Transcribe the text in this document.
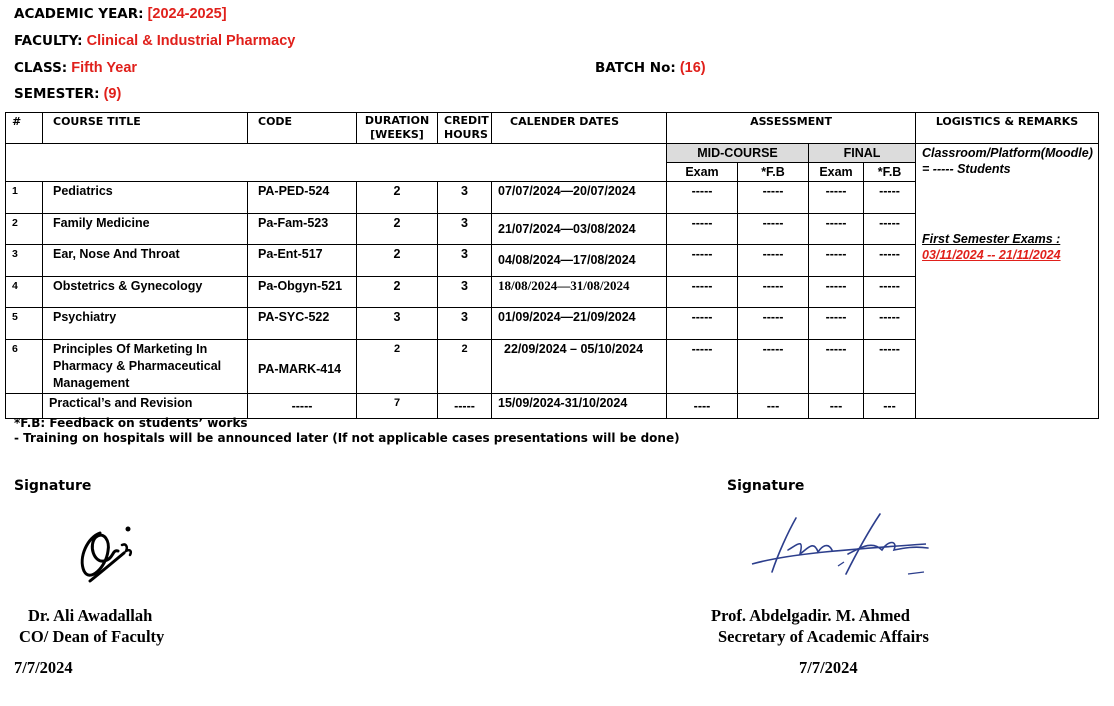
ACADEMIC YEAR: [2024-2025]
FACULTY: Clinical & Industrial Pharmacy
CLASS: Fifth Year	BATCH No: (16)
SEMESTER: (9)
#	COURSE TITLE	CODE	DURATION [WEEKS]	CREDIT HOURS	CALENDER DATES	ASSESSMENT				LOGISTICS & REMARKS
						MID-COURSE		FINAL		Classroom/Platform(Moodle) = ----- Students
First Semester Exams :
03/11/2024 -- 21/11/2024

						Exam	*F.B	Exam	*F.B	
1	Pediatrics	PA-PED-524	2	3	07/07/2024—20/07/2024	-----	-----	-----	-----	
2	Family Medicine	Pa-Fam-523	2	3	21/07/2024—03/08/2024	-----	-----	-----	-----	
3	Ear, Nose And Throat	Pa-Ent-517	2	3	04/08/2024—17/08/2024	-----	-----	-----	-----	
4	Obstetrics & Gynecology	Pa-Obgyn-521	2	3	18/08/2024—31/08/2024	-----	-----	-----	-----	
5	Psychiatry	PA-SYC-522	3	3	01/09/2024—21/09/2024	-----	-----	-----	-----	
6	Principles Of Marketing In Pharmacy & Pharmaceutical Management	PA-MARK-414	2	2	22/09/2024 – 05/10/2024	-----	-----	-----	-----	
	Practical’s and Revision	-----	7	-----	15/09/2024-31/10/2024	----	---	---	---	
*F.B: Feedback on students’ works
- Training on hospitals will be announced later (If not applicable cases presentations will be done)
Signature
Dr. Ali Awadallah
CO/ Dean of Faculty
7/7/2024
Signature
Prof. Abdelgadir. M. Ahmed
Secretary of Academic Affairs
7/7/2024
